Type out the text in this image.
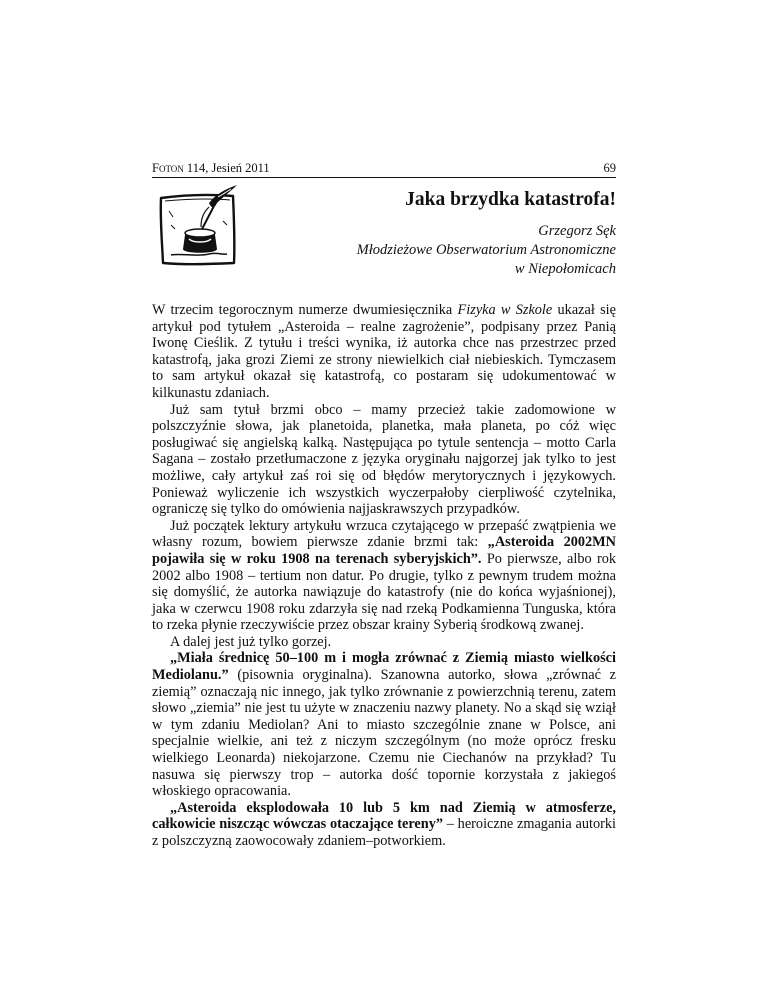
Foton 114, Jesień 2011	69
Jaka brzydka katastrofa!
Grzegorz Sęk
Młodzieżowe Obserwatorium Astronomiczne
w Niepołomicach

W trzecim tegorocznym numerze dwumiesięcznika Fizyka w Szkole ukazał się artykuł pod tytułem „Asteroida – realne zagrożenie”, podpisany przez Panią Iwonę Cieślik. Z tytułu i treści wynika, iż autorka chce nas przestrzec przed katastrofą, jaka grozi Ziemi ze strony niewielkich ciał niebieskich. Tymczasem to sam artykuł okazał się katastrofą, co postaram się udokumentować w kilkunastu zdaniach.

Już sam tytuł brzmi obco – mamy przecież takie zadomowione w polszczyźnie słowa, jak planetoida, planetka, mała planeta, po cóż więc posługiwać się angielską kalką. Następująca po tytule sentencja – motto Carla Sagana – zostało przetłumaczone z języka oryginału najgorzej jak tylko to jest możliwe, cały artykuł zaś roi się od błędów merytorycznych i językowych. Ponieważ wyliczenie ich wszystkich wyczerpałoby cierpliwość czytelnika, ograniczę się tylko do omówienia najjaskrawszych przypadków.

Już początek lektury artykułu wrzuca czytającego w przepaść zwątpienia we własny rozum, bowiem pierwsze zdanie brzmi tak: „Asteroida 2002MN pojawiła się w roku 1908 na terenach syberyjskich”. Po pierwsze, albo rok 2002 albo 1908 – tertium non datur. Po drugie, tylko z pewnym trudem można się domyślić, że autorka nawiązuje do katastrofy (nie do końca wyjaśnionej), jaka w czerwcu 1908 roku zdarzyła się nad rzeką Podkamienna Tunguska, która to rzeka płynie rzeczywiście przez obszar krainy Syberią środkową zwanej.

A dalej jest już tylko gorzej.

„Miała średnicę 50–100 m i mogła zrównać z Ziemią miasto wielkości Mediolanu.” (pisownia oryginalna). Szanowna autorko, słowa „zrównać z ziemią” oznaczają nic innego, jak tylko zrównanie z powierzchnią terenu, zatem słowo „ziemia” nie jest tu użyte w znaczeniu nazwy planety. No a skąd się wziął w tym zdaniu Mediolan? Ani to miasto szczególnie znane w Polsce, ani specjalnie wielkie, ani też z niczym szczególnym (no może oprócz fresku wielkiego Leonarda) niekojarzone. Czemu nie Ciechanów na przykład? Tu nasuwa się pierwszy trop – autorka dość topornie korzystała z jakiegoś włoskiego opracowania.

„Asteroida eksplodowała 10 lub 5 km nad Ziemią w atmosferze, całkowicie niszcząc wówczas otaczające tereny” – heroiczne zmagania autorki z polszczyzną zaowocowały zdaniem–potworkiem.
